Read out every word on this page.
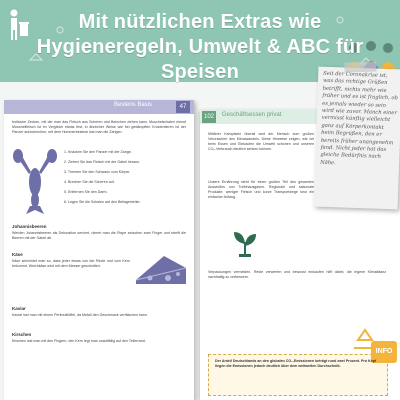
Mit nützlichen Extras wie
Hygieneregeln, Umwelt & ABC für Speisen
Bestens Basis	47
trollsiche Zecken, mit der man das Fleisch aus Scheren und Beinchen ziehen kann. Muschelschalen nimmt Muschelfleisch ist im Vergleich etwas fest, in ähnlicher Weise wie bei gedämpften Krustentieren ist der Panzer aufzubrechen; mit dem Hummerbesteck isst man die Zangen.
1. Knacken Sie den Panzer mit der Zange.
2. Ziehen Sie das Fleisch mit der Gabel heraus.
3. Trennen Sie den Schwanz vom Körper.
4. Brechen Sie die Scheren auf.
5. Entfernen Sie den Darm.
6. Legen Sie die Schalen auf den Beilagenteller.
Johannisbeeren
Werden Johannisbeeren als Dekoration serviert, nimmt man die Rispe zwischen zwei Finger und streift die Beeren mit der Gabel ab.
Käse
Käse schneidet man so, dass jeder etwas von der Rinde und vom Kern bekommt. Weichkäse wird mit dem Messer geschnitten.
Kaviar
Kaviar isst man mit einem Perlmuttlöffel, da Metall den Geschmack verfälschen kann.
Kirschen
Kirschen isst man mit den Fingern, den Kern legt man unauffällig auf den Tellerrand.
102	Geschäftsessen privat
Mittlerer Kampfsein überall wird der Mensch zum großen Verursacher des Klimawandels. Diese Hinweise zeigen, wie wir beim Essen und Einkaufen die Umwelt schonen und unseren CO₂-Verbrauch deutlich senken können.
Unsere Ernährung steht für einen großen Teil des gesamten Ausstoßes von Treibhausgasen. Regionale und saisonale Produkte, weniger Fleisch und kurze Transportwege sind ein einfacher Anfang.
Verpackungen vermeiden, Reste verwerten und bewusst einkaufen hilft dabei, die eigene Klimabilanz nachhaltig zu verbessern.
INFO
Der Anteil Deutschlands an den globalen CO₂-Emissionen beträgt rund zwei Prozent. Pro Kopf liegen die Emissionen jedoch deutlich über dem weltweiten Durchschnitt.
Seit der Coronakrise ist, was das richtige Grüßen betrifft, nichts mehr wie früher und es ist fraglich, ob es jemals wieder so sein wird wie zuvor. Manch einer vermisst künftig vielleicht ganz auf Körperkontakt beim Begrüßen, den er bereits früher unangenehm fand. Nicht jeder hat das gleiche Bedürfnis nach Nähe.
